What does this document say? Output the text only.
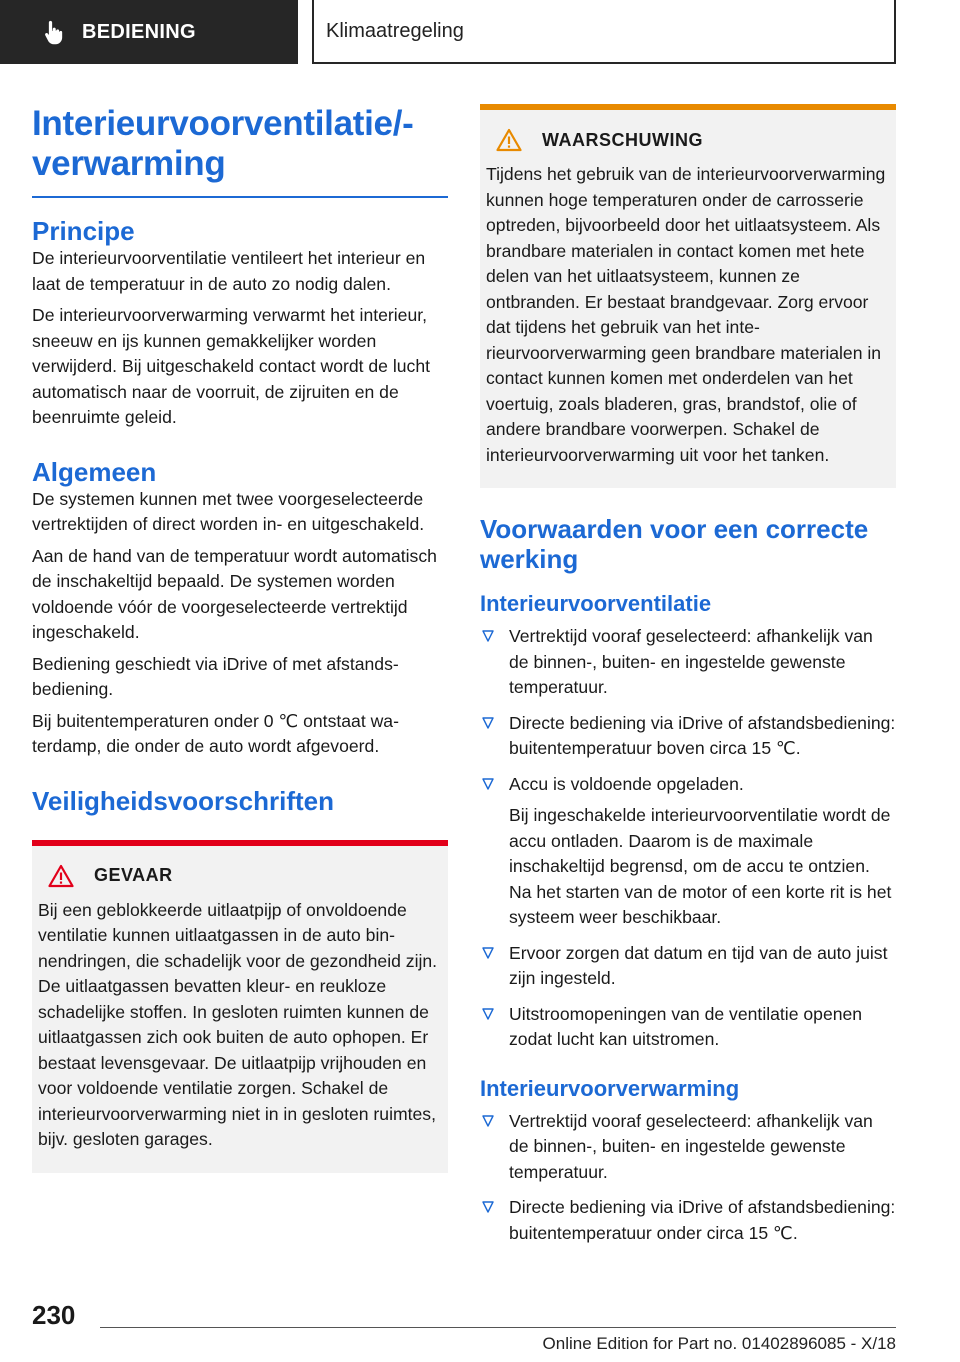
BEDIENING	Klimaatregeling
Interieurvoorventilatie/-
verwarming
Principe

De interieurvoorventilatie ventileert het interieur en laat de temperatuur in de auto zo nodig dalen.

De interieurvoorverwarming verwarmt het interieur, sneeuw en ijs kunnen gemakkelijker worden verwijderd. Bij uitgeschakeld contact wordt de lucht automatisch naar de voorruit, de zijruiten en de beenruimte geleid.

Algemeen

De systemen kunnen met twee voorgeselecteerde vertrektijden of direct worden in- en uitgeschakeld.

Aan de hand van de temperatuur wordt automatisch de inschakeltijd bepaald. De systemen worden voldoende vóór de voorgeselecteerde vertrektijd ingeschakeld.

Bediening geschiedt via iDrive of met afstandsbediening.

Bij buitentemperaturen onder 0 ℃ ontstaat waterdamp, die onder de auto wordt afgevoerd.

Veiligheidsvoorschriften
GEVAAR

Bij een geblokkeerde uitlaatpijp of onvoldoende ventilatie kunnen uitlaatgassen in de auto binnendringen, die schadelijk voor de gezondheid zijn. De uitlaatgassen bevatten kleur- en reukloze schadelijke stoffen. In gesloten ruimten kunnen de uitlaatgassen zich ook buiten de auto ophopen. Er bestaat levensgevaar. De uitlaatpijp vrijhouden en voor voldoende ventilatie zorgen. Schakel de interieurvoorverwarming niet in in gesloten ruimtes, bijv. gesloten garages.

WAARSCHUWING

Tijdens het gebruik van de interieurvoorverwarming kunnen hoge temperaturen onder de carrosserie optreden, bijvoorbeeld door het uitlaatsysteem. Als brandbare materialen in contact komen met hete delen van het uitlaatsysteem, kunnen ze ontbranden. Er bestaat brandgevaar. Zorg ervoor dat tijdens het gebruik van het interieurvoorverwarming geen brandbare materialen in contact kunnen komen met onderdelen van het voertuig, zoals bladeren, gras, brandstof, olie of andere brandbare voorwerpen. Schakel de interieurvoorverwarming uit voor het tanken.

Voorwaarden voor een correcte werking
Interieurvoorventilatie

Vertrektijd vooraf geselecteerd: afhankelijk van de binnen-, buiten- en ingestelde gewenste temperatuur.

Directe bediening via iDrive of afstandsbediening: buitentemperatuur boven circa 15 ℃.

Accu is voldoende opgeladen.

Bij ingeschakelde interieurvoorventilatie wordt de accu ontladen. Daarom is de maximale inschakeltijd begrensd, om de accu te ontzien. Na het starten van de motor of een korte rit is het systeem weer beschikbaar.

Ervoor zorgen dat datum en tijd van de auto juist zijn ingesteld.

Uitstroomopeningen van de ventilatie openen zodat lucht kan uitstromen.

Interieurvoorverwarming

Vertrektijd vooraf geselecteerd: afhankelijk van de binnen-, buiten- en ingestelde gewenste temperatuur.

Directe bediening via iDrive of afstandsbediening: buitentemperatuur onder circa 15 ℃.

230
Online Edition for Part no. 01402896085 - X/18
